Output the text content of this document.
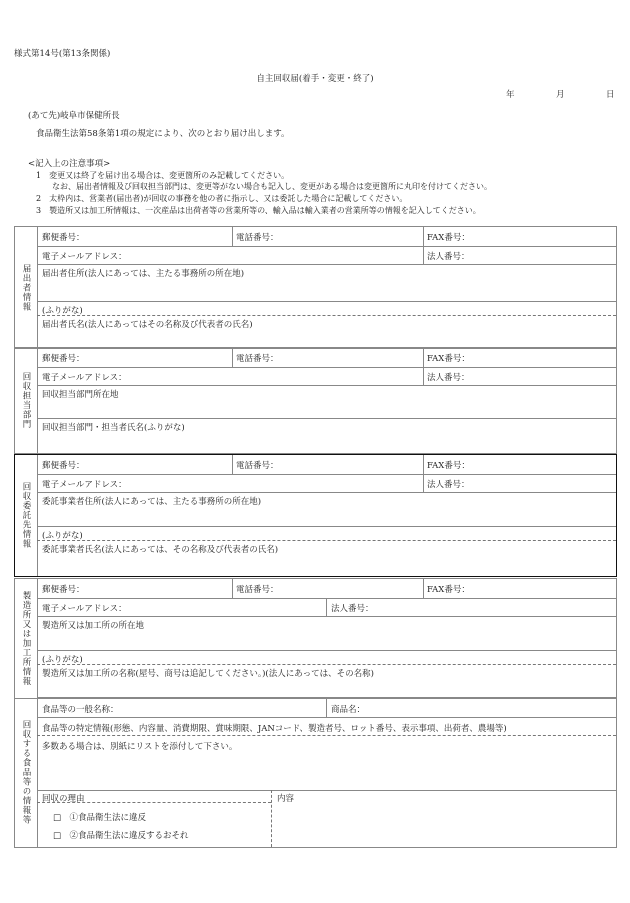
様式第14号(第13条関係)
自主回収届(着手・変更・終了)
年	月	日
(あて先)岐阜市保健所長
食品衛生法第58条第1項の規定により、次のとおり届け出します。
<記入上の注意事項>
1　変更又は終了を届け出る場合は、変更箇所のみ記載してください。
　　なお、届出者情報及び回収担当部門は、変更等がない場合も記入し、変更がある場合は変更箇所に丸印を付けてください。
2　太枠内は、営業者(届出者)が回収の事務を他の者に指示し、又は委託した場合に記載してください。
3　製造所又は加工所情報は、一次産品は出荷者等の営業所等の、輸入品は輸入業者の営業所等の情報を記入してください。
届出者情報
郵便番号：	電話番号：	FAX番号：
電子メールアドレス：	法人番号：
届出者住所(法人にあっては、主たる事務所の所在地)
(ふりがな)
届出者氏名(法人にあってはその名称及び代表者の氏名)
回収担当部門
郵便番号：	電話番号：	FAX番号：
電子メールアドレス：	法人番号：
回収担当部門所在地
回収担当部門・担当者氏名(ふりがな)
回収委託先情報
郵便番号：	電話番号：	FAX番号：
電子メールアドレス：	法人番号：
委託事業者住所(法人にあっては、主たる事務所の所在地)
(ふりがな)
委託事業者氏名(法人にあっては、その名称及び代表者の氏名)
製造所又は加工所情報
郵便番号：	電話番号：	FAX番号：
電子メールアドレス：	法人番号：
製造所又は加工所の所在地
(ふりがな)
製造所又は加工所の名称(屋号、商号は追記してください。)(法人にあっては、その名称)
回収する食品等の情報等
食品等の一般名称：	商品名：
食品等の特定情報(形態、内容量、消費期限、賞味期限、JANコード、製造者号、ロット番号、表示事項、出荷者、農場等)
多数ある場合は、別紙にリストを添付して下さい。
回収の理由	内容
□　①食品衛生法に違反
□　②食品衛生法に違反するおそれ
